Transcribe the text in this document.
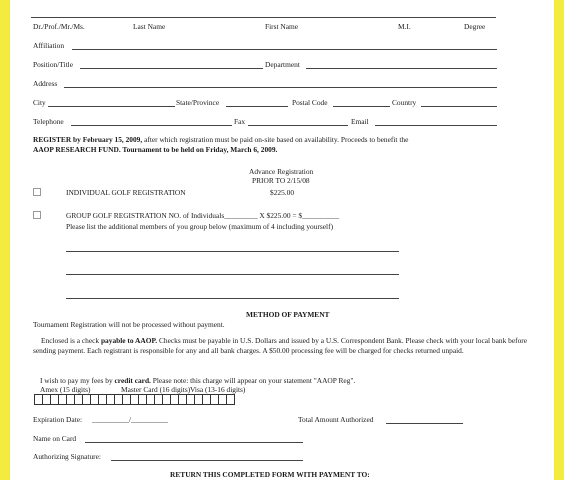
Dr./Prof./Mr./Ms.	Last Name	First Name	M.I.	Degree
Affiliation
Position/Title	Department
Address
City	State/Province	Postal Code	Country
Telephone	Fax	Email
REGISTER by February 15, 2009, after which registration must be paid on-site based on availability. Proceeds to benefit the
AAOP RESEARCH FUND. Tournament to be held on Friday, March 6, 2009.
Advance Registration
PRIOR TO 2/15/08
INDIVIDUAL GOLF REGISTRATION	$225.00
GROUP GOLF REGISTRATION NO. of Individuals_________ X $225.00 = $__________
Please list the additional members of you group below (maximum of 4 including yourself)
METHOD OF PAYMENT
Tournament Registration will not be processed without payment.
Enclosed is a check payable to AAOP. Checks must be payable in U.S. Dollars and issued by a U.S. Correspondent Bank. Please check with your local bank before sending payment. Each registrant is responsible for any and all bank charges. A $50.00 processing fee will be charged for checks returned unpaid.
I wish to pay my fees by credit card. Please note: this charge will appear on your statement "AAOP Reg".
Amex (15 digits)	Master Card (16 digits) Visa (13-16 digits)
Expiration Date: __________/__________	Total Amount Authorized
Name on Card
Authorizing Signature:
RETURN THIS COMPLETED FORM WITH PAYMENT TO:
